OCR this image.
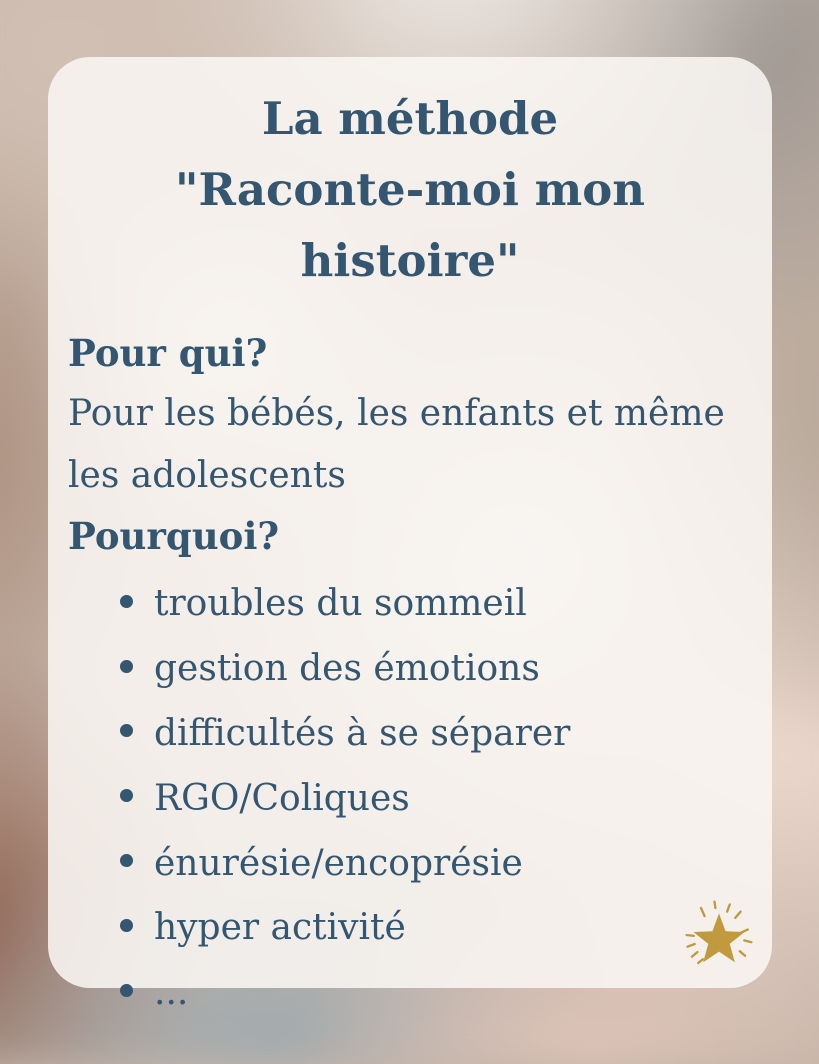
La méthode
"Raconte-moi mon histoire"

Pour qui?

Pour les bébés, les enfants et même les adolescents

Pourquoi?

troubles du sommeil
gestion des émotions
difficultés à se séparer
RGO/Coliques
énurésie/encoprésie
hyper activité
...
